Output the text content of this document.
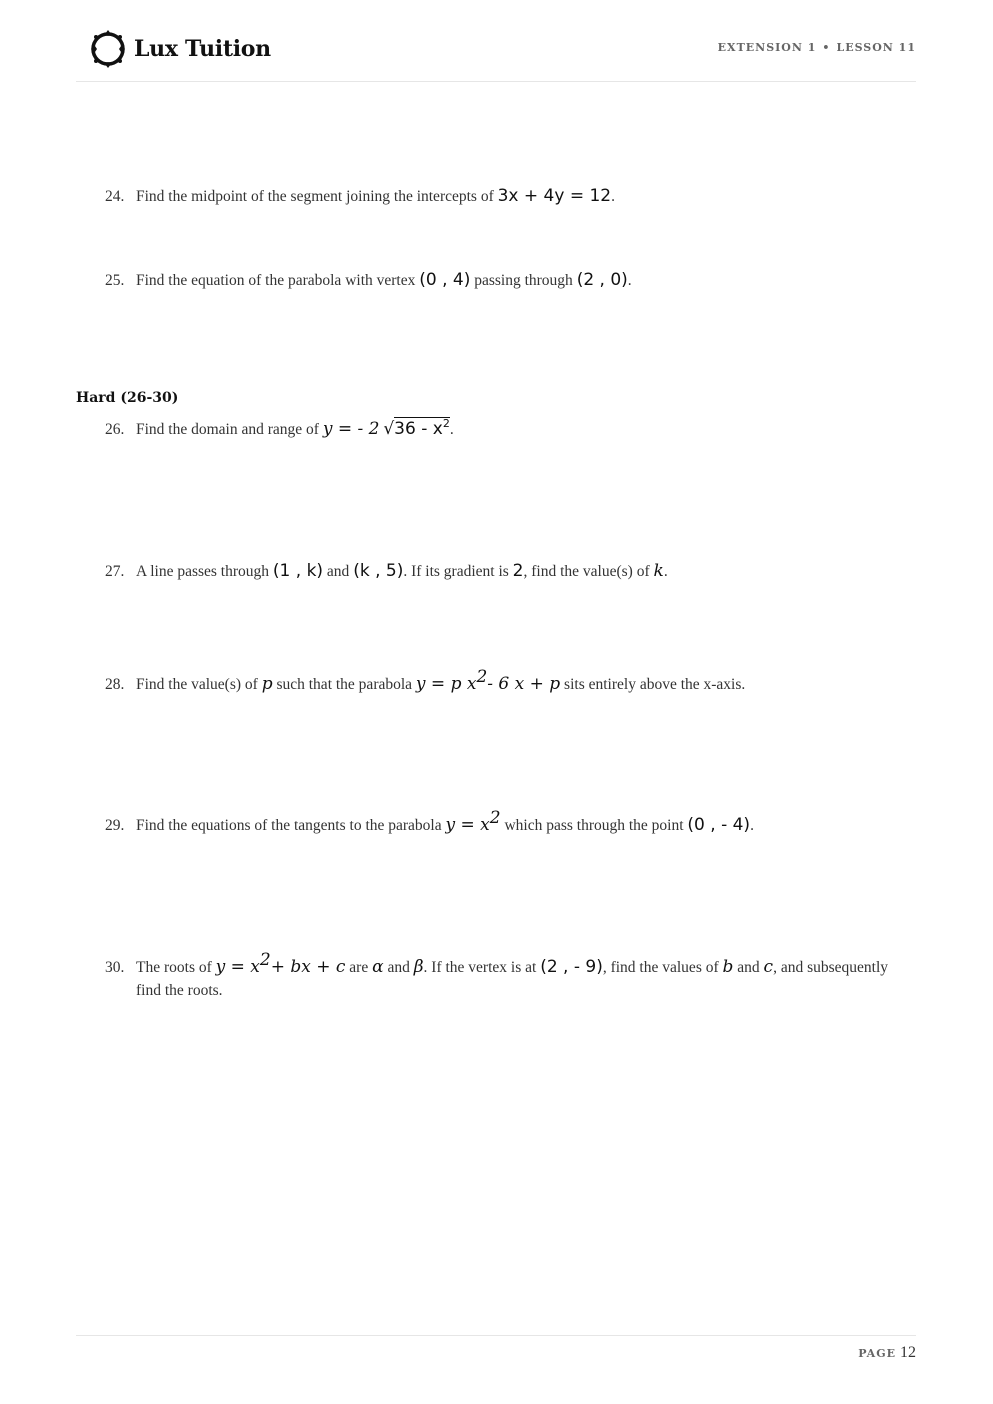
Lux Tuition	EXTENSION 1 • LESSON 11
24. Find the midpoint of the segment joining the intercepts of 3x + 4y = 12.
25. Find the equation of the parabola with vertex (0 , 4) passing through (2 , 0).
Hard (26-30)
26. Find the domain and range of y = - 2 $√36 - x^2$.
27. A line passes through (1 , k) and (k , 5). If its gradient is 2, find the value(s) of k.
28. Find the value(s) of p such that the parabola y = p $x^2-$ 6 x + p sits entirely above the x-axis.
29. Find the equations of the tangents to the parabola $y = x^2$ which pass through the point (0 , - 4).
30. The roots of $y = x^2+$ bx + c are α and β. If the vertex is at (2 , - 9), find the values of b and c, and subsequently find the roots.
PAGE 12
